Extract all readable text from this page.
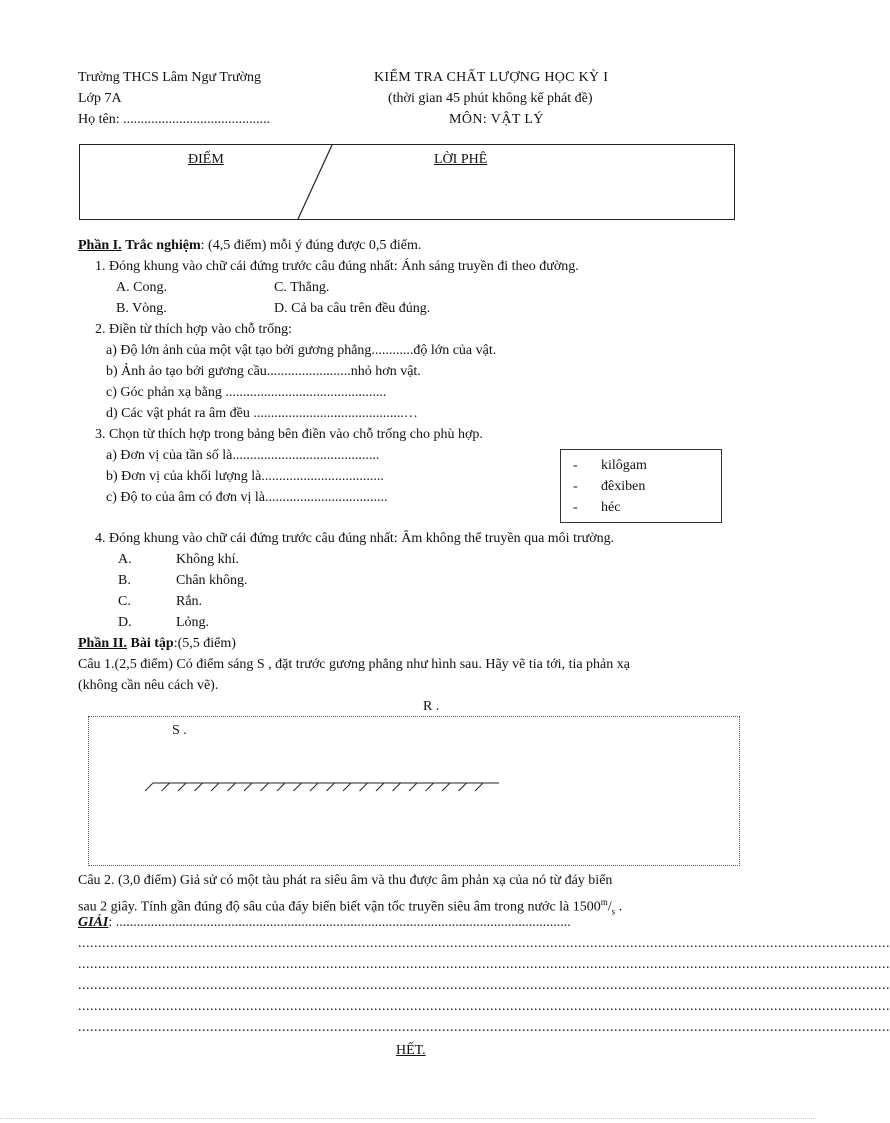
Trường THCS Lâm Ngư Trường
Lớp 7A
Họ tên: ..........................................
KIỂM TRA CHẤT LƯỢNG HỌC KỲ I
(thời gian 45 phút không kể phát đề)
MÔN: VẬT LÝ
ĐIỂM	LỜI PHÊ
Phần I. Trắc nghiệm: (4,5 điểm) mỗi ý đúng được 0,5 điểm.
1. Đóng khung vào chữ cái đứng trước câu đúng nhất: Ánh sáng truyền đi theo đường.
A. Cong.	C. Thẳng.
B. Vòng.	D. Cả ba câu trên đều đúng.
2. Điền từ thích hợp vào chỗ trống:
a) Độ lớn ảnh của một vật tạo bởi gương phẳng............độ lớn của vật.
b) Ảnh ảo tạo bởi gương cầu........................nhỏ hơn vật.
c) Góc phản xạ bằng ..............................................
d) Các vật phát ra âm đều ...........................................…
3. Chọn từ thích hợp trong bảng bên điền vào chỗ trống cho phù hợp.
a) Đơn vị của tần số là..........................................
b) Đơn vị của khối lượng là...................................
c) Độ to của âm có đơn vị là...................................
- kilôgam
- đêxiben
- héc
4. Đóng khung vào chữ cái đứng trước câu đúng nhất: Âm không thể truyền qua môi trường.
A.	Không khí.
B.	Chân không.
C.	Rắn.
D.	Lỏng.
Phần II. Bài tập:(5,5 điểm)
Câu 1.(2,5 điểm) Có điểm sáng S , đặt trước gương phẳng như hình sau. Hãy vẽ tia tới, tia phản xạ
(không cần nêu cách vẽ).
R .
S .
Câu 2. (3,0 điểm) Giả sử có một tàu phát ra siêu âm và thu được âm phản xạ của nó từ đáy biển
sau 2 giây. Tính gần đúng độ sâu của đáy biển biết vận tốc truyền siêu âm trong nước là $1500^m/_s$ .
GIẢI: ..................................................................................................................................
...........................................................................................................................................................................................................
...........................................................................................................................................................................................................
...........................................................................................................................................................................................................
...........................................................................................................................................................................................................
...........................................................................................................................................................................................................
HẾT.
